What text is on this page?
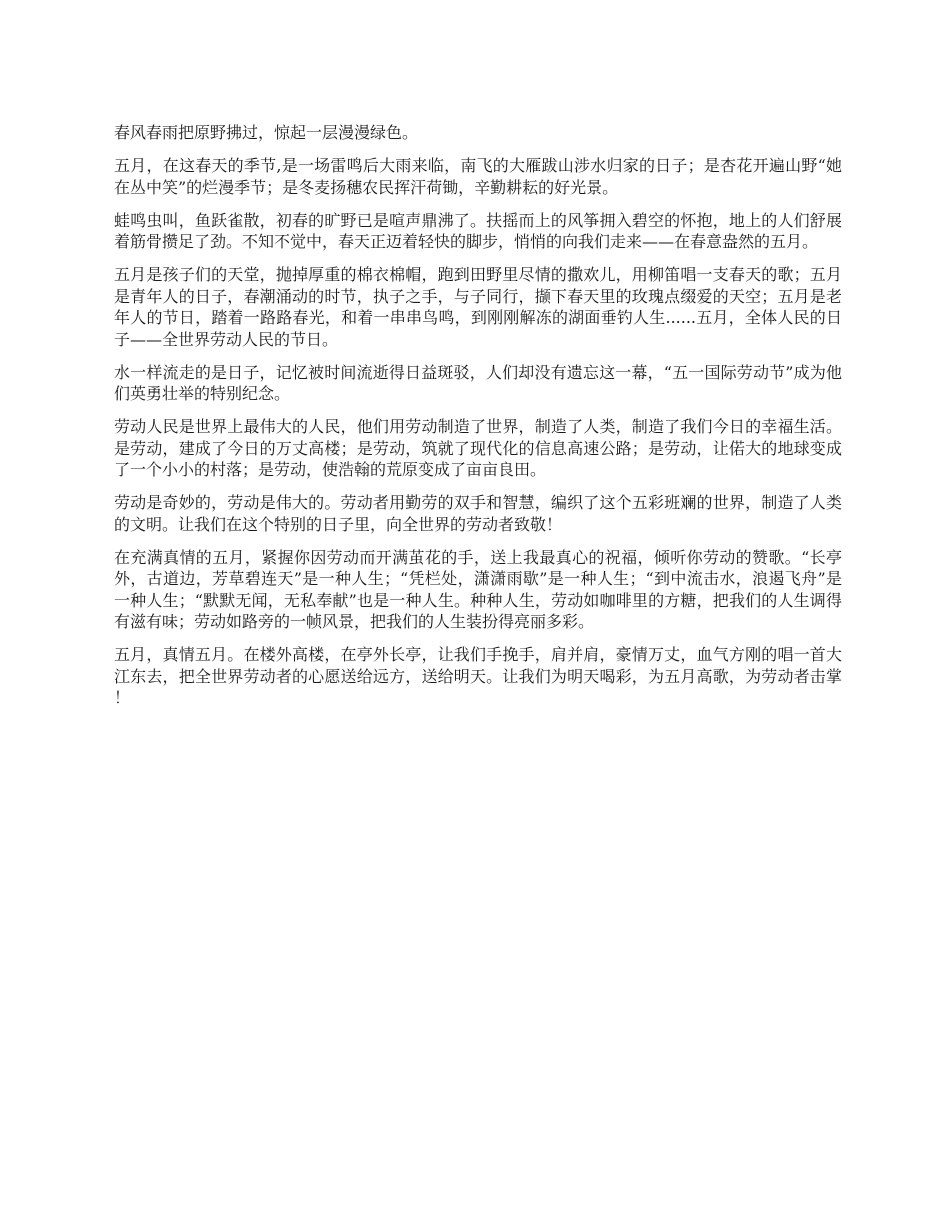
春风春雨把原野拂过，惊起一层漫漫绿色。

五月，在这春天的季节,是一场雷鸣后大雨来临，南飞的大雁跋山涉水归家的日子；是杏花开遍山野“她在丛中笑”的烂漫季节；是冬麦扬穗农民挥汗荷锄，辛勤耕耘的好光景。

蛙鸣虫叫，鱼跃雀散，初春的旷野已是喧声鼎沸了。扶摇而上的风筝拥入碧空的怀抱，地上的人们舒展着筋骨攒足了劲。不知不觉中，春天正迈着轻快的脚步，悄悄的向我们走来——在春意盎然的五月。

五月是孩子们的天堂，抛掉厚重的棉衣棉帽，跑到田野里尽情的撒欢儿，用柳笛唱一支春天的歌；五月是青年人的日子，春潮涌动的时节，执子之手，与子同行，撷下春天里的玫瑰点缀爱的天空；五月是老年人的节日，踏着一路路春光，和着一串串鸟鸣，到刚刚解冻的湖面垂钓人生......五月，全体人民的日子——全世界劳动人民的节日。

水一样流走的是日子，记忆被时间流逝得日益斑驳，人们却没有遗忘这一幕，“五一国际劳动节”成为他们英勇壮举的特别纪念。

劳动人民是世界上最伟大的人民，他们用劳动制造了世界，制造了人类，制造了我们今日的幸福生活。是劳动，建成了今日的万丈高楼；是劳动，筑就了现代化的信息高速公路；是劳动，让偌大的地球变成了一个小小的村落；是劳动，使浩翰的荒原变成了亩亩良田。

劳动是奇妙的，劳动是伟大的。劳动者用勤劳的双手和智慧，编织了这个五彩班斓的世界，制造了人类的文明。让我们在这个特别的日子里，向全世界的劳动者致敬！

在充满真情的五月，紧握你因劳动而开满茧花的手，送上我最真心的祝福，倾听你劳动的赞歌。“长亭外，古道边，芳草碧连天”是一种人生；“凭栏处，潇潇雨歇”是一种人生；“到中流击水，浪遏飞舟”是一种人生；“默默无闻，无私奉献”也是一种人生。种种人生，劳动如咖啡里的方糖，把我们的人生调得有滋有味；劳动如路旁的一帧风景，把我们的人生装扮得亮丽多彩。

五月，真情五月。在楼外高楼，在亭外长亭，让我们手挽手，肩并肩，豪情万丈，血气方刚的唱一首大江东去，把全世界劳动者的心愿送给远方，送给明天。让我们为明天喝彩，为五月高歌，为劳动者击掌！
